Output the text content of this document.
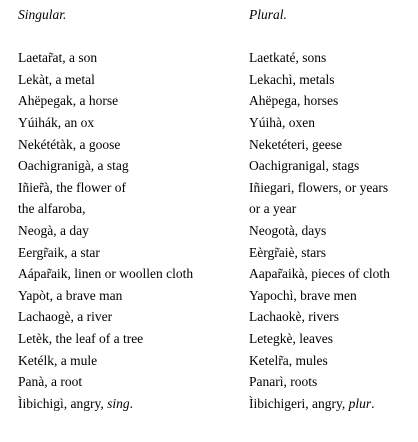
Singular.
Laetar̃at, a son
Lekàt, a metal
Ahëpegak, a horse
Yúihák, an ox
Nekététàk, a goose
Oachigranigà, a stag
Iñier̃à, the flower of
the alfaroba,
Neogà, a day
Eergr̃aik, a star
Aápar̃aik, linen or woollen cloth
Yapòt, a brave man
Lachaogè, a river
Letèk, the leaf of a tree
Ketélk, a mule
Panà, a root
Ìibichigì, angry, sing.
Plural.
Laetkaté, sons
Lekachì, metals
Ahëpega, horses
Yúihà, oxen
Neketéteri, geese
Oachigranigal, stags
Iñiegari, flowers, or years
or a year
Neogotà, days
Eèrgr̃aiè, stars
Aapar̃aikà, pieces of cloth
Yapochì, brave men
Lachaokè, rivers
Letegkè, leaves
Ketelr̃a, mules
Panarì, roots
Ìibichigeri, angry, plur.
